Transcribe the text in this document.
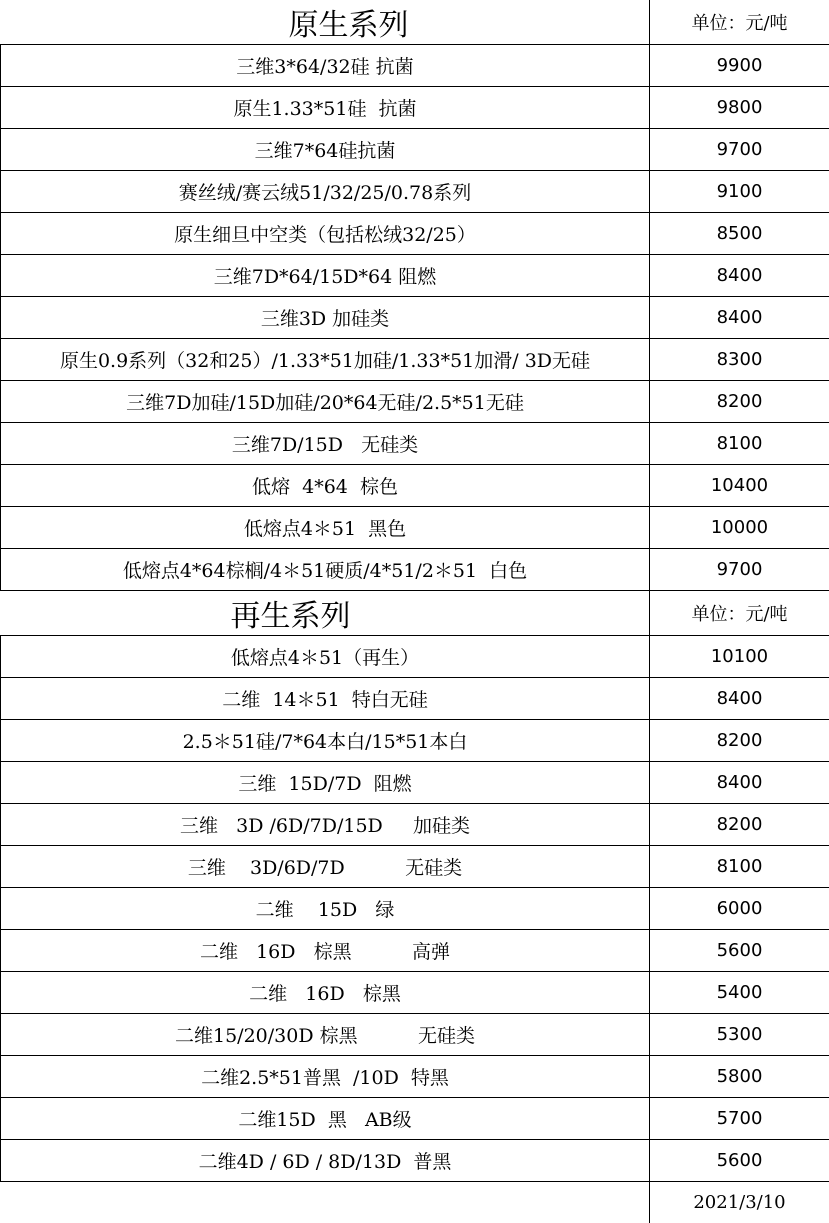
原生系列	单位：元/吨
三维3*64/32硅 抗菌	9900
原生1.33*51硅  抗菌	9800
三维7*64硅抗菌	9700
赛丝绒/赛云绒51/32/25/0.78系列	9100
原生细旦中空类（包括松绒32/25）	8500
三维7D*64/15D*64 阻燃	8400
三维3D 加硅类	8400
原生0.9系列（32和25）/1.33*51加硅/1.33*51加滑/ 3D无硅	8300
三维7D加硅/15D加硅/20*64无硅/2.5*51无硅	8200
三维7D/15D   无硅类	8100
低熔  4*64  棕色	10400
低熔点4＊51  黑色	10000
低熔点4*64棕榈/4＊51硬质/4*51/2＊51  白色	9700
再生系列	单位：元/吨
低熔点4＊51（再生）	10100
二维  14＊51  特白无硅	8400
2.5＊51硅/7*64本白/15*51本白	8200
三维  15D/7D  阻燃	8400
三维   3D /6D/7D/15D     加硅类	8200
三维    3D/6D/7D          无硅类	8100
二维    15D   绿	6000
二维   16D   棕黑          高弹	5600
二维   16D   棕黑	5400
二维15/20/30D 棕黑          无硅类	5300
二维2.5*51普黑  /10D  特黑	5800
二维15D  黑   AB级	5700
二维4D / 6D / 8D/13D  普黑	5600
	2021/3/10
